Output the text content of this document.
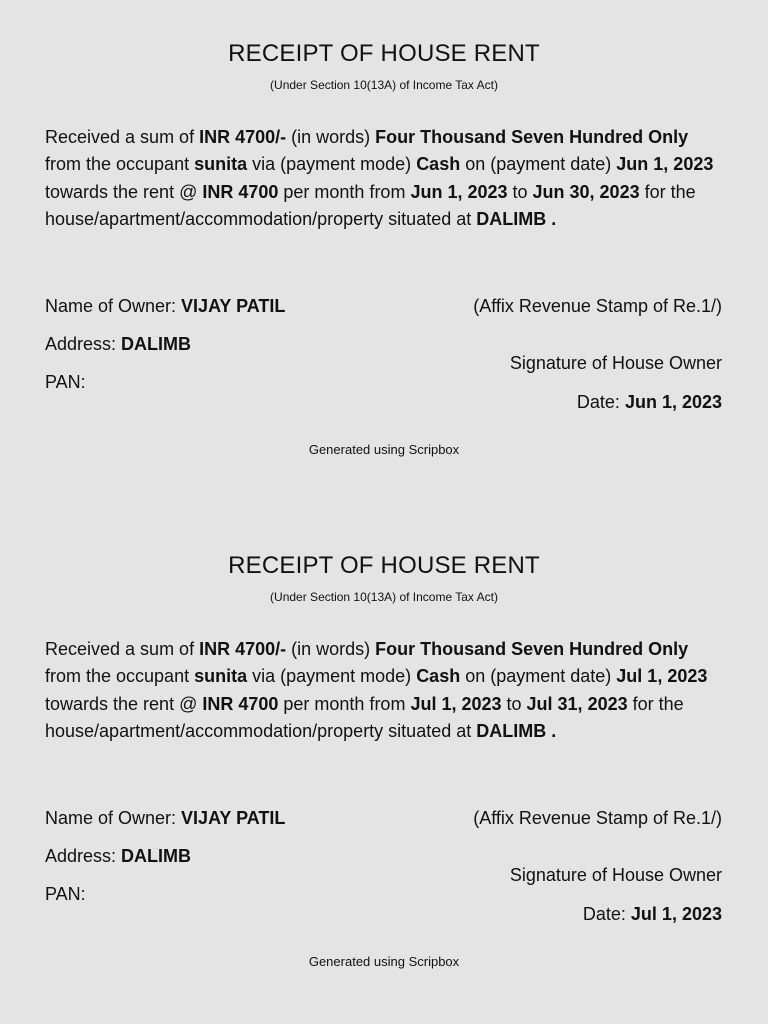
RECEIPT OF HOUSE RENT
(Under Section 10(13A) of Income Tax Act)
Received a sum of INR 4700/- (in words) Four Thousand Seven Hundred Only
from the occupant sunita via (payment mode) Cash on (payment date) Jun 1, 2023
towards the rent @ INR 4700 per month from Jun 1, 2023 to Jun 30, 2023 for the house/apartment/accommodation/property situated at DALIMB .
Name of Owner: VIJAY PATIL
Address: DALIMB
PAN:
(Affix Revenue Stamp of Re.1/)
Signature of House Owner
Date: Jun 1, 2023
Generated using Scripbox
RECEIPT OF HOUSE RENT
(Under Section 10(13A) of Income Tax Act)
Received a sum of INR 4700/- (in words) Four Thousand Seven Hundred Only
from the occupant sunita via (payment mode) Cash on (payment date) Jul 1, 2023
towards the rent @ INR 4700 per month from Jul 1, 2023 to Jul 31, 2023 for the house/apartment/accommodation/property situated at DALIMB .
Name of Owner: VIJAY PATIL
Address: DALIMB
PAN:
(Affix Revenue Stamp of Re.1/)
Signature of House Owner
Date: Jul 1, 2023
Generated using Scripbox
